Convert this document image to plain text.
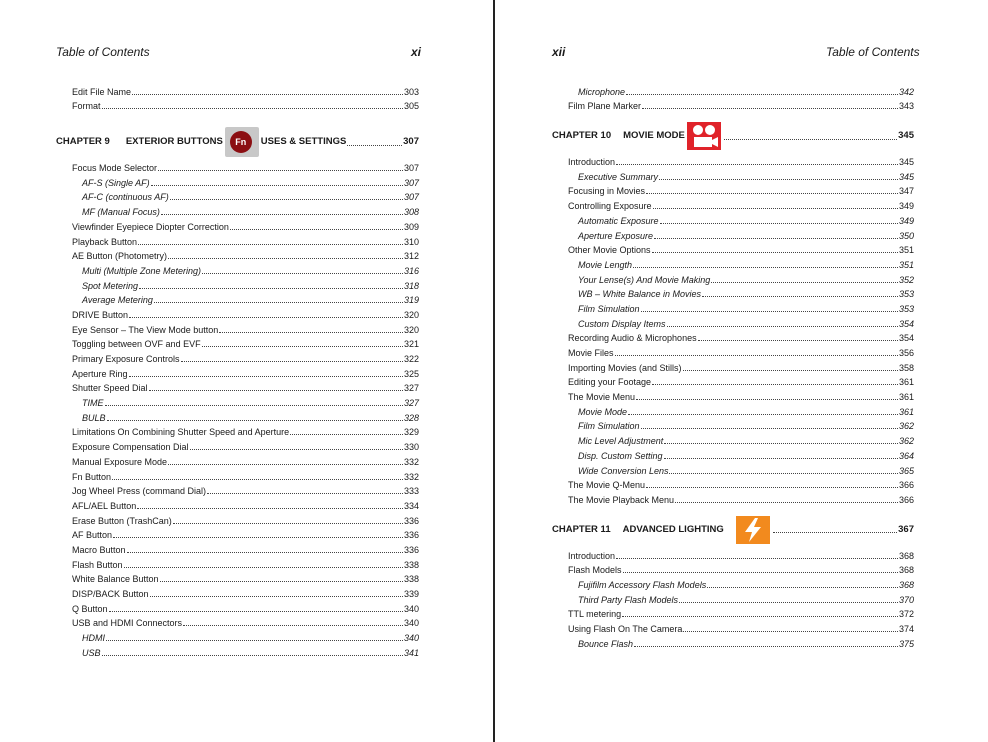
Table of Contents	xi
Edit File Name	303
Format	305
CHAPTER 9 EXTERIOR BUTTONS	Fn	USES & SETTINGS	307
Focus Mode Selector	307
AF-S (Single AF)	307
AF-C (continuous AF)	307
MF (Manual Focus)	308
Viewfinder Eyepiece Diopter Correction	309
Playback Button	310
AE Button (Photometry)	312
Multi (Multiple Zone Metering)	316
Spot Metering	318
Average Metering	319
DRIVE Button	320
Eye Sensor – The View Mode button	320
Toggling between OVF and EVF	321
Primary Exposure Controls	322
Aperture Ring	325
Shutter Speed Dial	327
TIME	327
BULB	328
Limitations On Combining Shutter Speed and Aperture	329
Exposure Compensation Dial	330
Manual Exposure Mode	332
Fn Button	332
Jog Wheel Press (command Dial)	333
AFL/AEL Button	334
Erase Button (TrashCan)	336
AF Button	336
Macro Button	336
Flash Button	338
White Balance Button	338
DISP/BACK Button	339
Q Button	340
USB and HDMI Connectors	340
HDMI	340
USB	341
xii	Table of Contents
Microphone	342
Film Plane Marker	343
CHAPTER 10 MOVIE MODE	345
Introduction	345
Executive Summary	345
Focusing in Movies	347
Controlling Exposure	349
Automatic Exposure	349
Aperture Exposure	350
Other Movie Options	351
Movie Length	351
Your Lense(s) And Movie Making	352
WB – White Balance in Movies	353
Film Simulation	353
Custom Display Items	354
Recording Audio & Microphones	354
Movie Files	356
Importing Movies (and Stills)	358
Editing your Footage	361
The Movie Menu	361
Movie Mode	361
Film Simulation	362
Mic Level Adjustment	362
Disp. Custom Setting	364
Wide Conversion Lens	365
The Movie Q-Menu	366
The Movie Playback Menu	366
CHAPTER 11 ADVANCED LIGHTING	367
Introduction	368
Flash Models	368
Fujifilm Accessory Flash Models	368
Third Party Flash Models	370
TTL metering	372
Using Flash On The Camera	374
Bounce Flash	375
